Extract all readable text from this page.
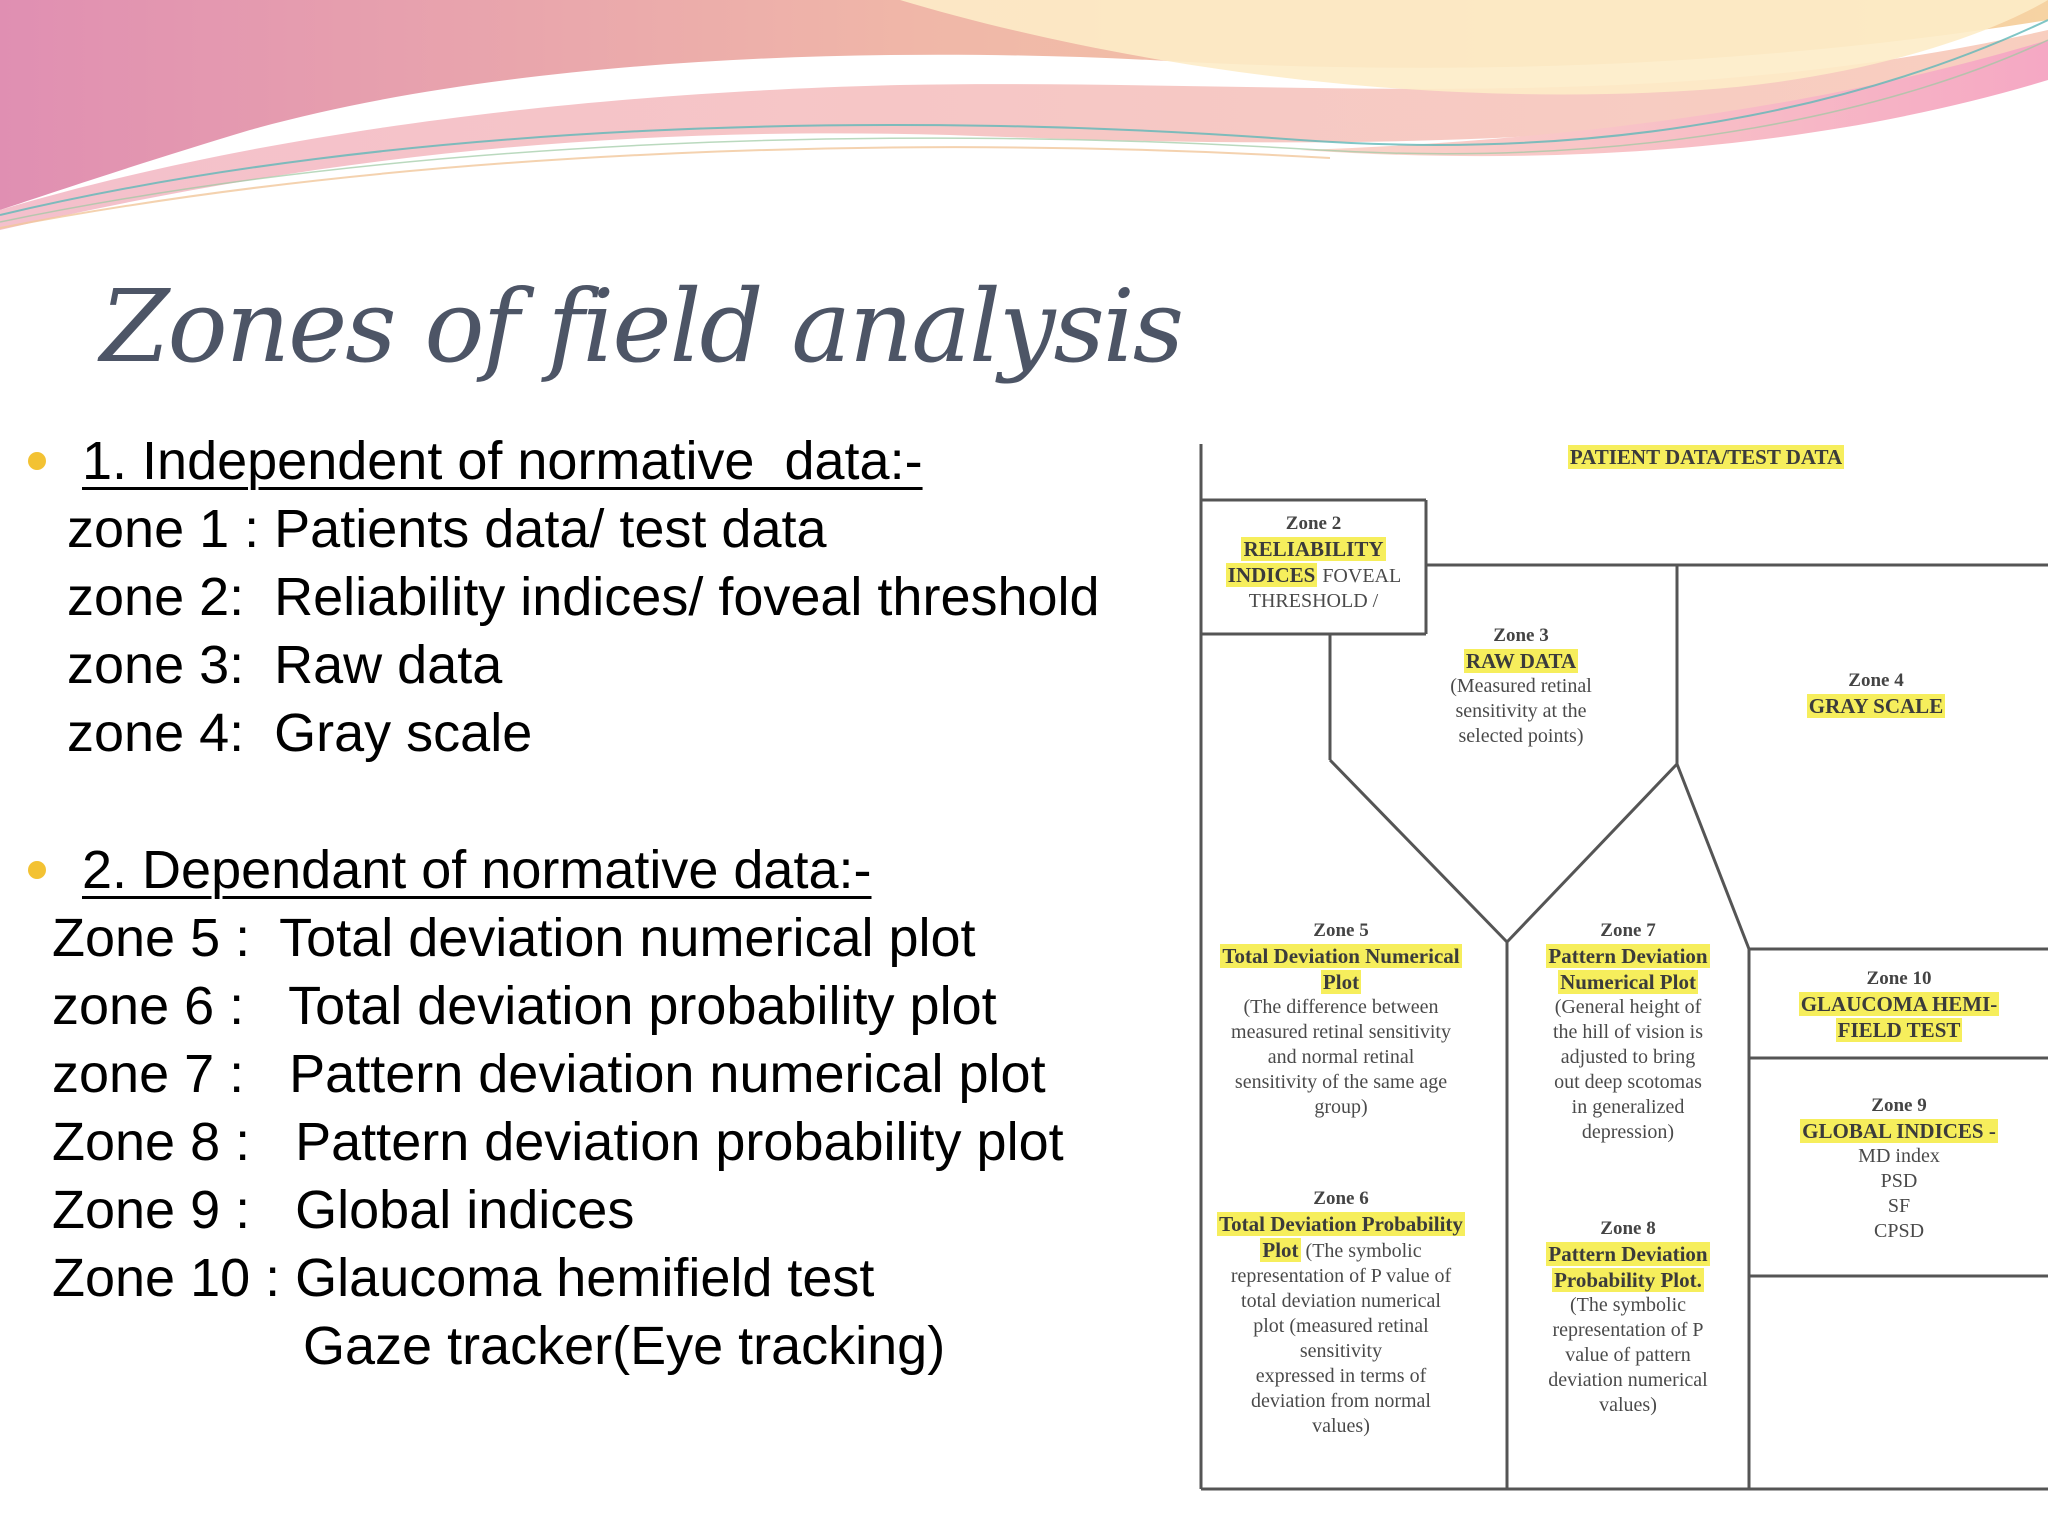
Zones of field analysis
1. Independent of normative  data:-
zone 1 : Patients data/ test data
zone 2:  Reliability indices/ foveal threshold
zone 3:  Raw data
zone 4:  Gray scale
2. Dependant of normative data:-
Zone 5 :  Total deviation numerical plot
zone 6 :   Total deviation probability plot
zone 7 :   Pattern deviation numerical plot
Zone 8 :   Pattern deviation probability plot
Zone 9 :   Global indices
Zone 10 : Glaucoma hemifield test
Gaze tracker(Eye tracking)
PATIENT DATA/TEST DATA
Zone 2
RELIABILITY
INDICES FOVEAL
THRESHOLD /
Zone 3
RAW DATA
(Measured retinal
sensitivity at the
selected points)
Zone 4
GRAY SCALE
Zone 5
Total Deviation Numerical
Plot
(The difference between
measured retinal sensitivity
and normal retinal
sensitivity of the same age
group)
Zone 6
Total Deviation Probability
Plot (The symbolic
representation of P value of
total deviation numerical
plot (measured retinal
sensitivity
expressed in terms of
deviation from normal
values)
Zone 7
Pattern Deviation
Numerical Plot
(General height of
the hill of vision is
adjusted to bring
out deep scotomas
in generalized
depression)
Zone 8
Pattern Deviation
Probability Plot.
(The symbolic
representation of P
value of pattern
deviation numerical
values)
Zone 10
GLAUCOMA HEMI-
FIELD TEST
Zone 9
GLOBAL INDICES -
MD index
PSD
SF
CPSD
